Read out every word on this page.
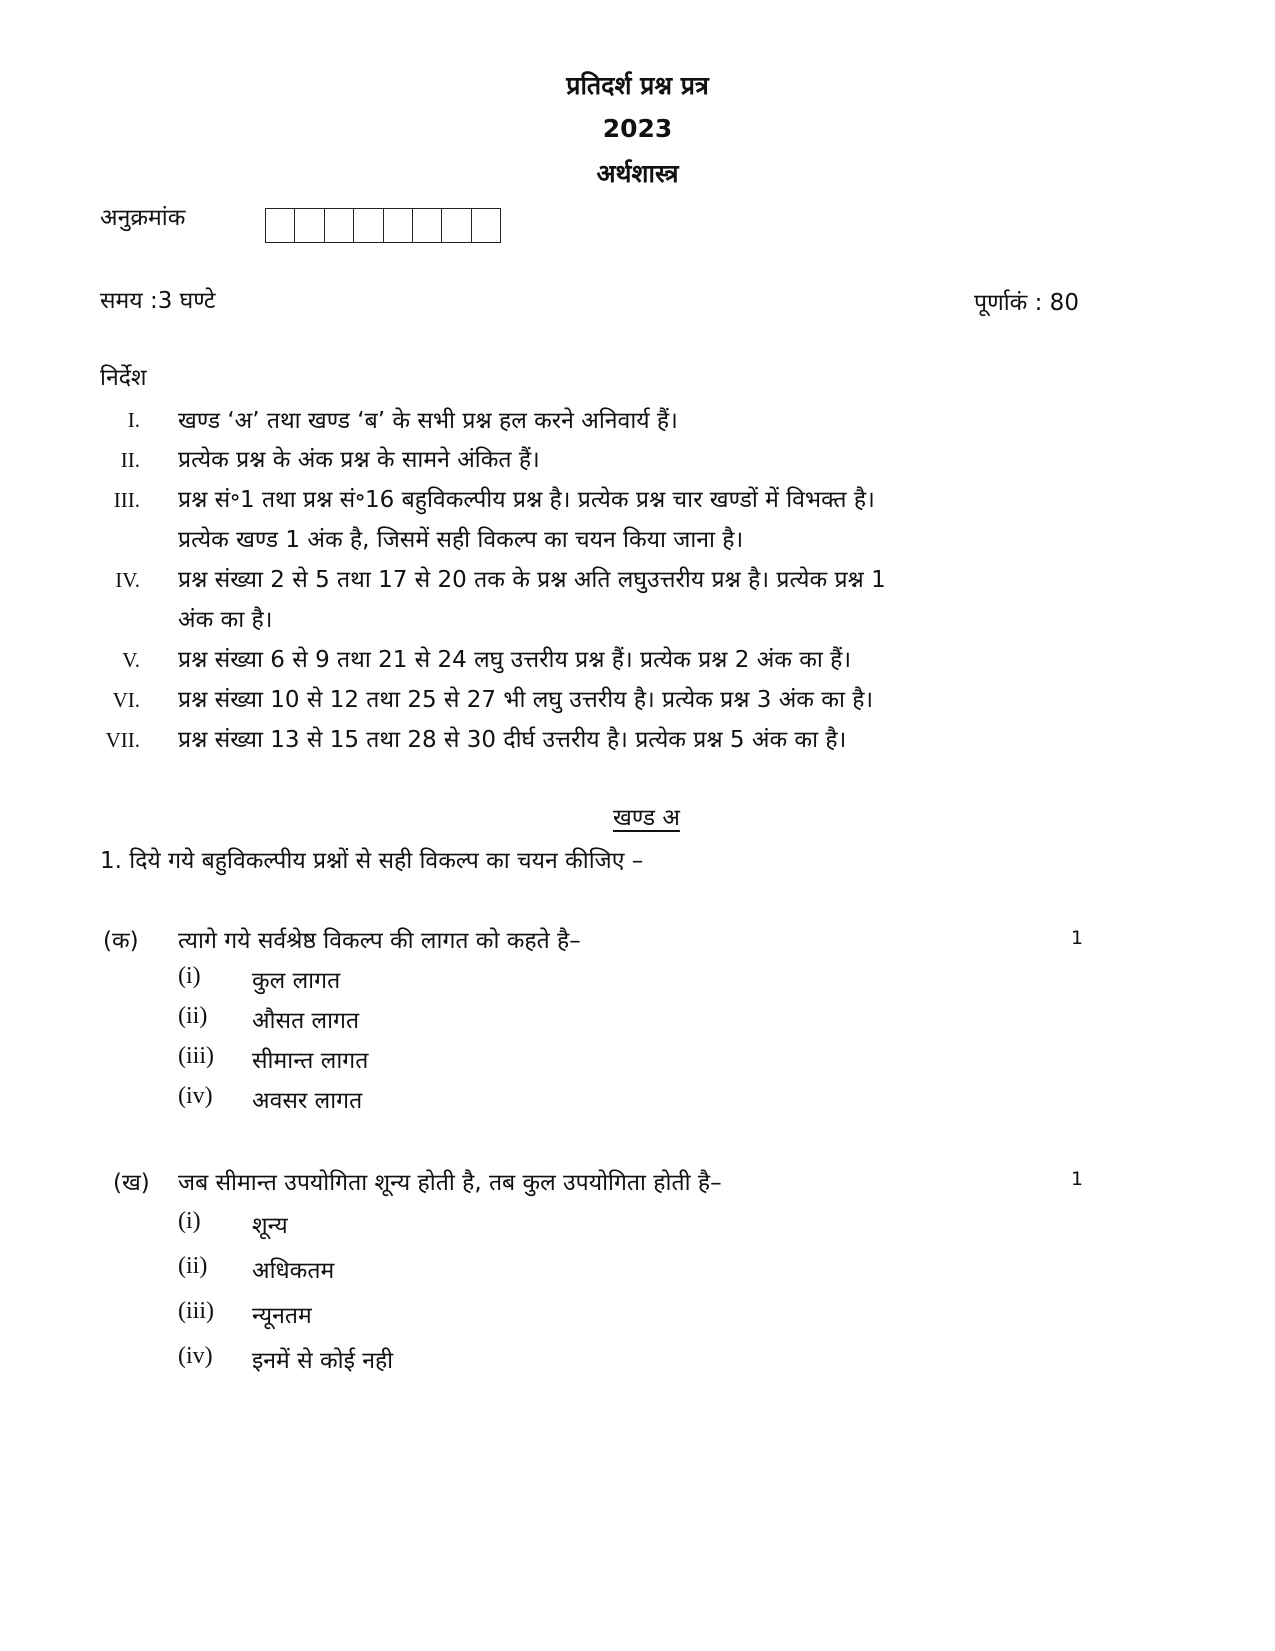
प्रतिदर्श प्रश्न प्रत्र
2023
अर्थशास्त्र
अनुक्रमांक
समय :3 घण्टे	पूर्णाकं : 80
निर्देश
I. खण्ड ‘अ’ तथा खण्ड ‘ब’ के सभी प्रश्न हल करने अनिवार्य हैं।
II. प्रत्येक प्रश्न के अंक प्रश्न के सामने अंकित हैं।
III. प्रश्न सं॰1 तथा प्रश्न सं॰16 बहुविकल्पीय प्रश्न है। प्रत्येक प्रश्न चार खण्डों में विभक्त है।
प्रत्येक खण्ड 1 अंक है, जिसमें सही विकल्प का चयन किया जाना है।
IV. प्रश्न संख्या 2 से 5 तथा 17 से 20 तक के प्रश्न अति लघुउत्तरीय प्रश्न है। प्रत्येक प्रश्न 1
अंक का है।
V. प्रश्न संख्या 6 से 9 तथा 21 से 24 लघु उत्तरीय प्रश्न हैं। प्रत्येक प्रश्न 2 अंक का हैं।
VI. प्रश्न संख्या 10 से 12 तथा 25 से 27 भी लघु उत्तरीय है। प्रत्येक प्रश्न 3 अंक का है।
VII. प्रश्न संख्या 13 से 15 तथा 28 से 30 दीर्घ उत्तरीय है। प्रत्येक प्रश्न 5 अंक का है।
खण्ड अ
1. दिये गये बहुविकल्पीय प्रश्नों से सही विकल्प का चयन कीजिए –
(क) त्यागे गये सर्वश्रेष्ठ विकल्प की लागत को कहते है–	1
(i) कुल लागत
(ii) औसत लागत
(iii) सीमान्त लागत
(iv) अवसर लागत
(ख) जब सीमान्त उपयोगिता शून्य होती है, तब कुल उपयोगिता होती है–	1
(i) शून्य
(ii) अधिकतम
(iii) न्यूनतम
(iv) इनमें से कोई नही
